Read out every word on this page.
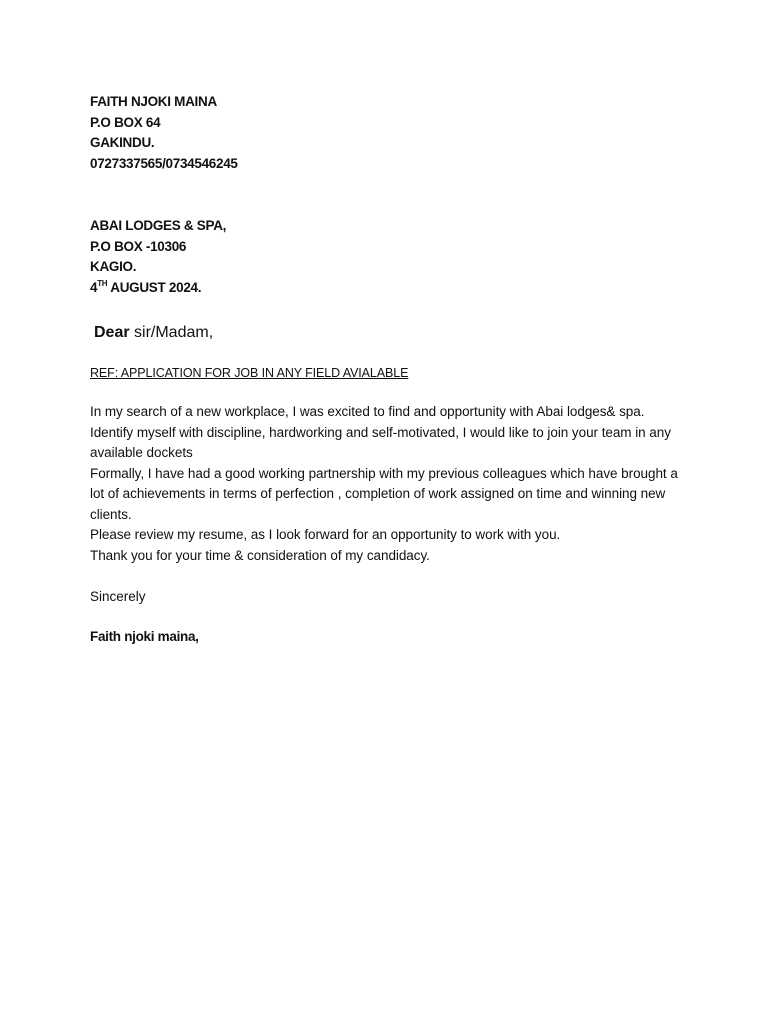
FAITH NJOKI MAINA
P.O BOX 64
GAKINDU.
0727337565/0734546245
ABAI LODGES & SPA,
P.O BOX -10306
KAGIO.
4TH AUGUST 2024.
Dear sir/Madam,
REF: APPLICATION FOR JOB IN ANY FIELD AVIALABLE

In my search of a new workplace, I was excited to find and opportunity with Abai lodges& spa. Identify myself with discipline, hardworking and self-motivated, I would like to join your team in any available dockets

Formally, I have had a good working partnership with my previous colleagues which have brought a lot of achievements in terms of perfection , completion of work assigned on time and winning new clients.

Please review my resume, as I look forward for an opportunity to work with you.

Thank you for your time & consideration of my candidacy.

Sincerely
Faith njoki maina,
